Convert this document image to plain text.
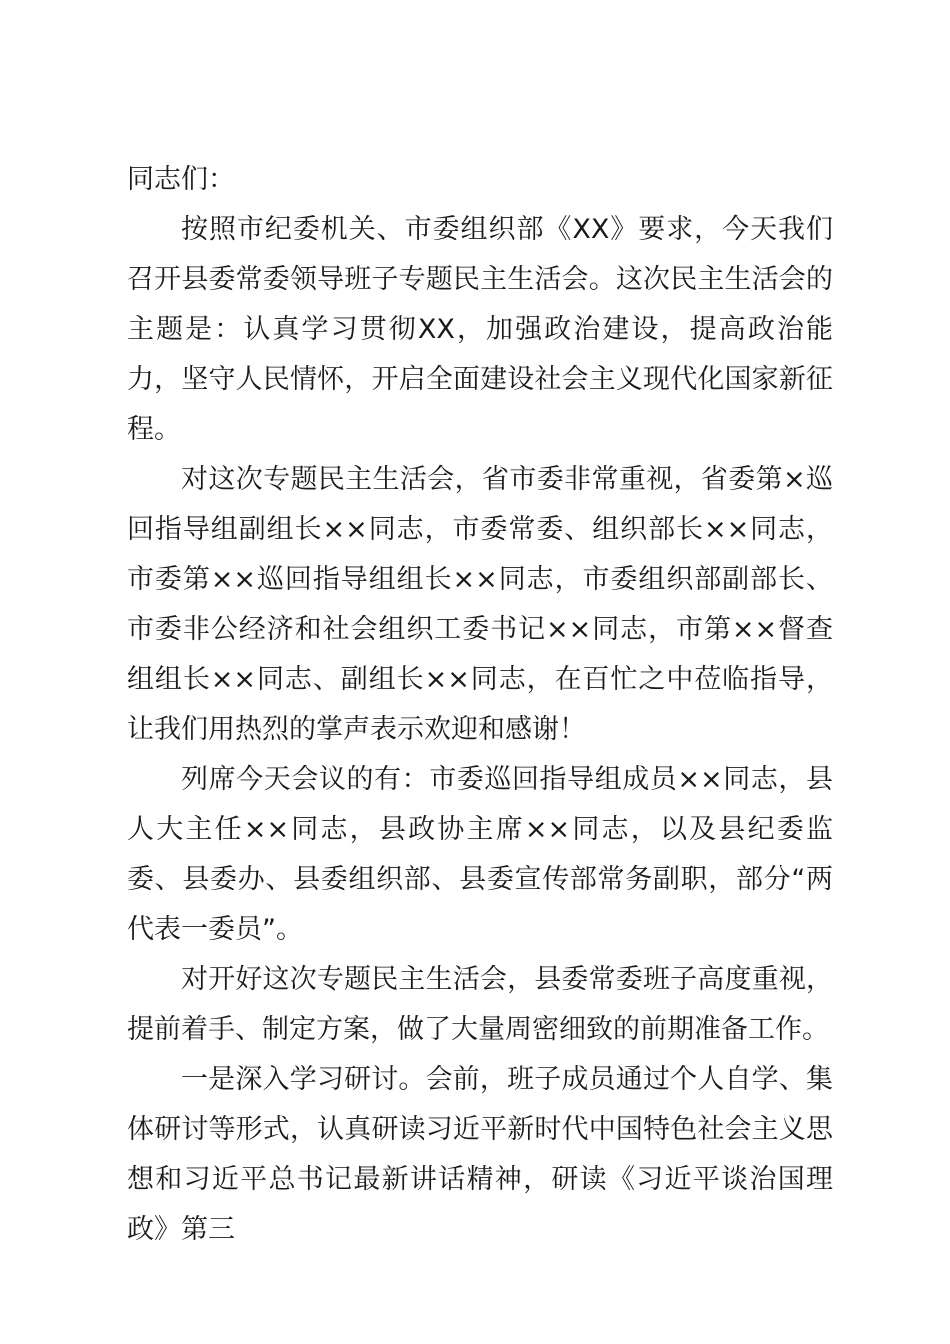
同志们：

按照市纪委机关、市委组织部《XX》要求，今天我们召开县委常委领导班子专题民主生活会。这次民主生活会的主题是：认真学习贯彻XX，加强政治建设，提高政治能力，坚守人民情怀，开启全面建设社会主义现代化国家新征程。

对这次专题民主生活会，省市委非常重视，省委第×巡回指导组副组长××同志，市委常委、组织部长××同志，市委第××巡回指导组组长××同志，市委组织部副部长、市委非公经济和社会组织工委书记××同志，市第××督查组组长××同志、副组长××同志，在百忙之中莅临指导，让我们用热烈的掌声表示欢迎和感谢！

列席今天会议的有：市委巡回指导组成员××同志，县人大主任××同志，县政协主席××同志，以及县纪委监委、县委办、县委组织部、县委宣传部常务副职，部分“两代表一委员”。

对开好这次专题民主生活会，县委常委班子高度重视，提前着手、制定方案，做了大量周密细致的前期准备工作。

一是深入学习研讨。会前，班子成员通过个人自学、集体研讨等形式，认真研读习近平新时代中国特色社会主义思想和习近平总书记最新讲话精神，研读《习近平谈治国理政》第三
